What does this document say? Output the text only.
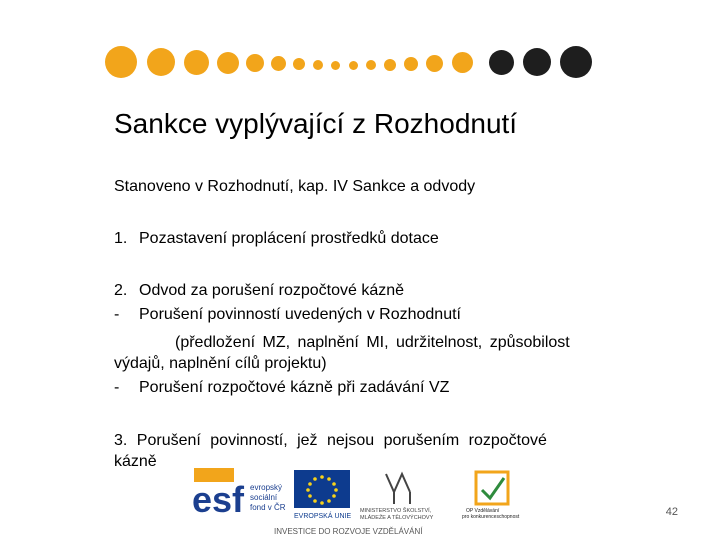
Sankce vyplývající z Rozhodnutí
Stanoveno v Rozhodnutí, kap. IV Sankce a odvody
1. Pozastavení proplácení prostředků dotace
2. Odvod za porušení rozpočtové kázně
- Porušení povinností uvedených v Rozhodnutí
(předložení MZ, naplnění MI, udržitelnost, způsobilost
výdajů, naplnění cílů projektu)
- Porušení rozpočtové kázně při zadávání VZ
3. Porušení povinností, jež nejsou porušením rozpočtové
kázně
esf evropský
sociální
fond v ČR
EVROPSKÁ UNIE
MINISTERSTVO ŠKOLSTVÍ,
MLÁDEŽE A TĚLOVÝCHOVY
OP Vzdělávání
pro konkurenceschopnost
INVESTICE DO ROZVOJE VZDĚLÁVÁNÍ
42
